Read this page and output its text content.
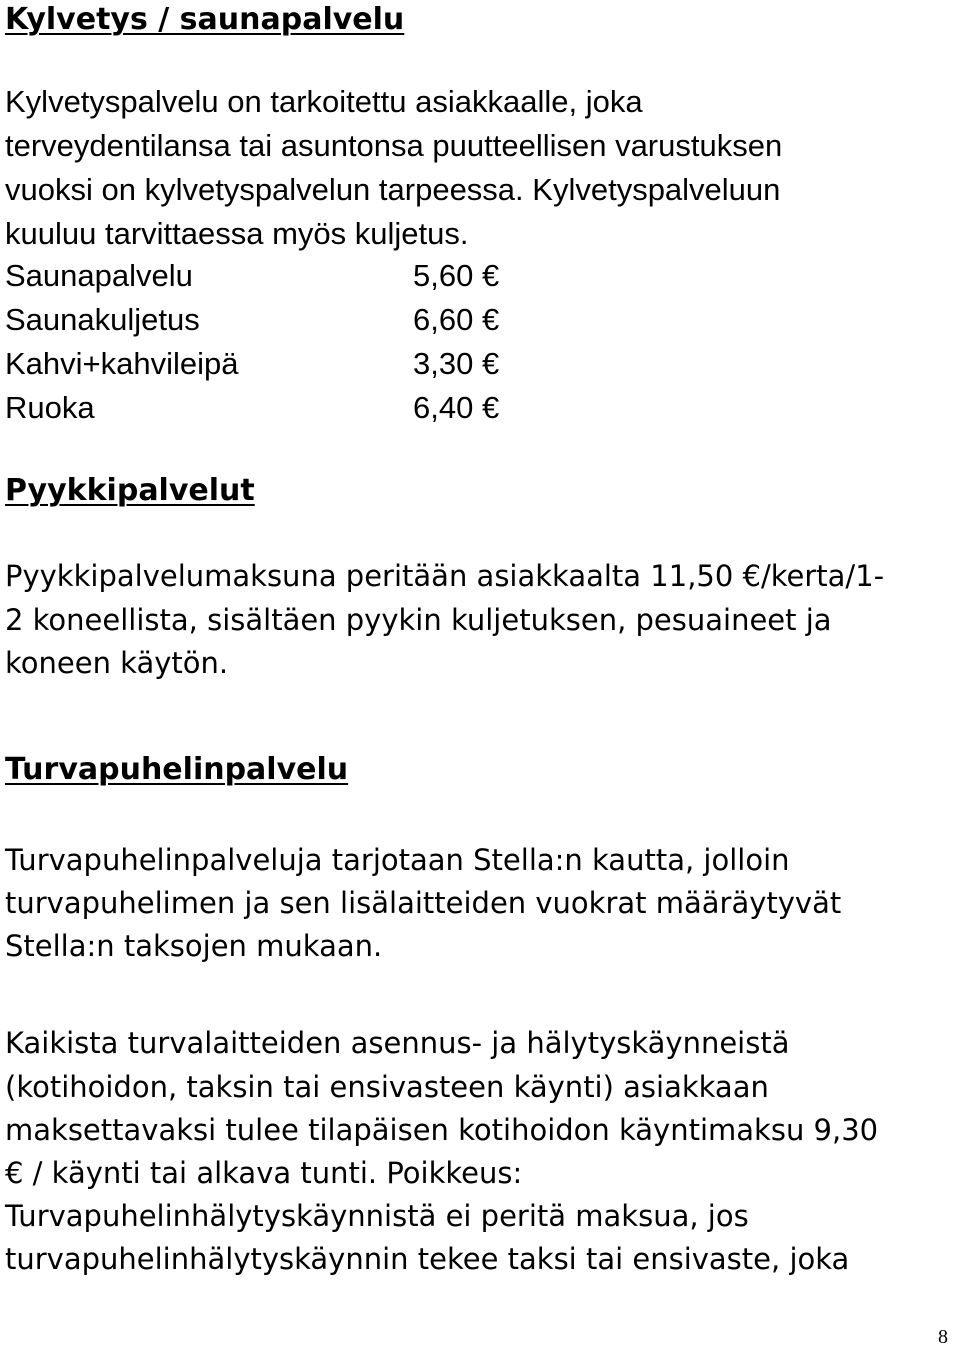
Kylvetys / saunapalvelu

Kylvetyspalvelu on tarkoitettu asiakkaalle, joka

terveydentilansa tai asuntonsa puutteellisen varustuksen

vuoksi on kylvetyspalvelun tarpeessa. Kylvetyspalveluun

kuuluu tarvittaessa myös kuljetus.

Saunapalvelu	5,60 €
Saunakuljetus	6,60 €
Kahvi+kahvileipä	3,30 €
Ruoka	6,40 €
Pyykkipalvelut

Pyykkipalvelumaksuna peritään asiakkaalta 11,50 €/kerta/1-

2 koneellista, sisältäen pyykin kuljetuksen, pesuaineet ja

koneen käytön.

Turvapuhelinpalvelu

Turvapuhelinpalveluja tarjotaan Stella:n kautta, jolloin

turvapuhelimen ja sen lisälaitteiden vuokrat määräytyvät

Stella:n taksojen mukaan.

Kaikista turvalaitteiden asennus- ja hälytyskäynneistä

(kotihoidon, taksin tai ensivasteen käynti) asiakkaan

maksettavaksi tulee tilapäisen kotihoidon käyntimaksu 9,30

€ / käynti tai alkava tunti. Poikkeus:

Turvapuhelinhälytyskäynnistä ei peritä maksua, jos

turvapuhelinhälytyskäynnin tekee taksi tai ensivaste, joka

8
